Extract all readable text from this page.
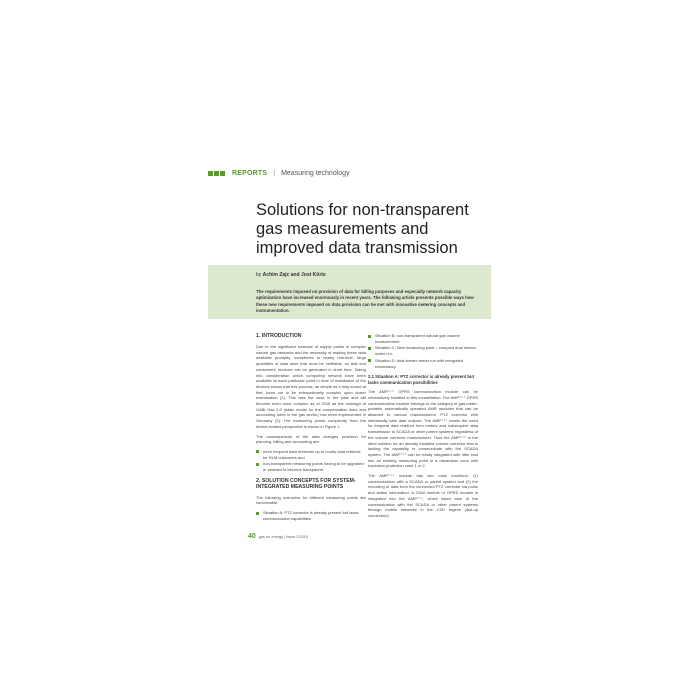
REPORTS | Measuring technology
Solutions for non-transparent gas measurements and improved data transmission
by Achim Zajc and Jost Körte

The requirements imposed on provision of data for billing purposes and especially network capacity optimization have increased enormously in recent years. The following article presents possible ways how these new requirements imposed on data provision can be met with innovative metering concepts and instrumentation.

1. INTRODUCTION

Due to the significant increase of supply points in complex natural gas networks and the necessity of making these data available promptly, sometimes to nearly real-time, large quantities of data arise that must be verifiable, so that end consumers' invoices can be generated in short time. Taking into consideration which computing network have been available at each particular point in time of installation of the devices shows that this process, as simple as it may sound at first, turns out to be extraordinarily complex upon closer examination [1]. This was the case in the past and will become even more complex as of 2015 as the redesign of GABi Gas 2.0 (basic model for the compensation lines and accounting rules in the gas sector) has been implemented in Germany [2]. The measuring points complexity from the device-related perspective is shown in Figure 1.

The consequences of the data changes provision for planning, billing and accounting are:

more frequent data retrievals up to hourly data retrieval for RLM customers and
non-transparent measuring points having to be upgraded or enabled to become transparent.
2. SOLUTION CONCEPTS FOR SYSTEM-INTEGRATED MEASURING POINTS

The following scenarios for different measuring points are conceivable:

Situation A: PTZ corrector is already present but lacks communication capabilities
Situation B: non-transparent natural gas volume measurement
Situation C: New measuring point – compact dual stream meter n.n.
Situation D: dual stream meter run with integrated redundancy
2.1 Situation A: PTZ corrector is already present but lacks communication possibilities

The AMP⁺⁺⁺ GPRS communication module can be retroactively installed in this constellation. The AMP⁺⁺⁺ GPRS communication module belongs to the category of gas-meter-portable automatically operated AMR modules that can be attached to various manufacturers' PTZ corrector with intrinsically safe data outputs. The AMP⁺⁺⁺ meets the need for frequent data readout from meters and subsequent data transmission to SCADA or other parent systems regardless of the volume corrector manufacturer. Thus the AMP⁺⁺⁺ is the ideal solution for an already installed volume corrector that is lacking the capability to communicate with the SCADA system. The AMP⁺⁺⁺ can be easily integrated with little cost into an existing measuring point in a hazardous zone with explosion protection zone 1 or 2.

The AMP⁺⁺⁺ module has two main functions: (1) communication with a SCADA or parent system and (2) the recording of data from the connected PTZ corrector via pulse and status information. A GSM module or GPRS modem is integrated into the AMP⁺⁺⁺, which takes care of the communication with the SCADA or other parent systems through mobile networks in the CSD regime (dial-up connection).

40 gas for energy | Issue 2/2015
